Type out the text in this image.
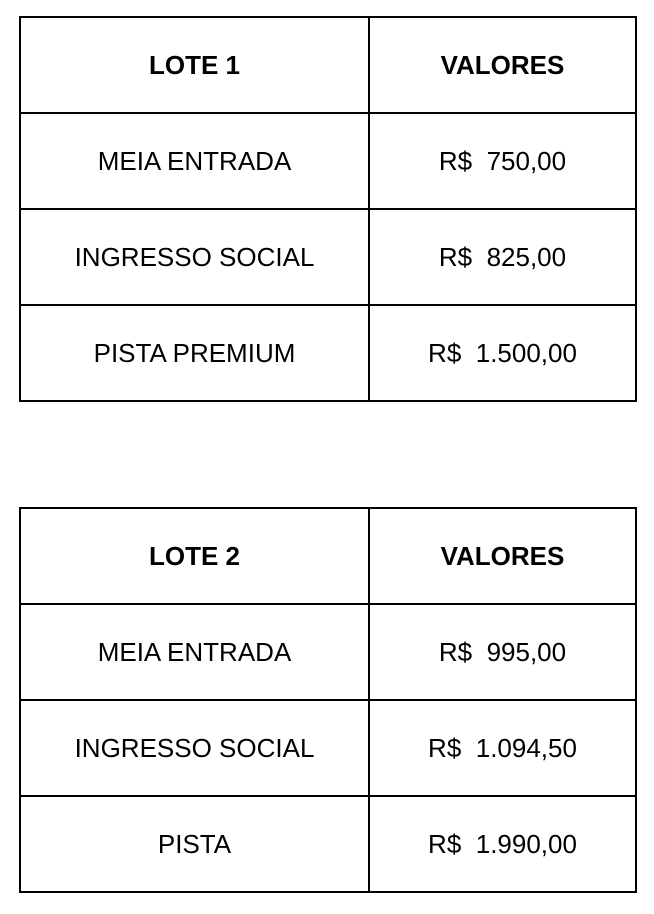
LOTE 1	VALORES
MEIA ENTRADA	R$  750,00
INGRESSO SOCIAL	R$  825,00
PISTA PREMIUM	R$  1.500,00
LOTE 2	VALORES
MEIA ENTRADA	R$  995,00
INGRESSO SOCIAL	R$  1.094,50
PISTA	R$  1.990,00
